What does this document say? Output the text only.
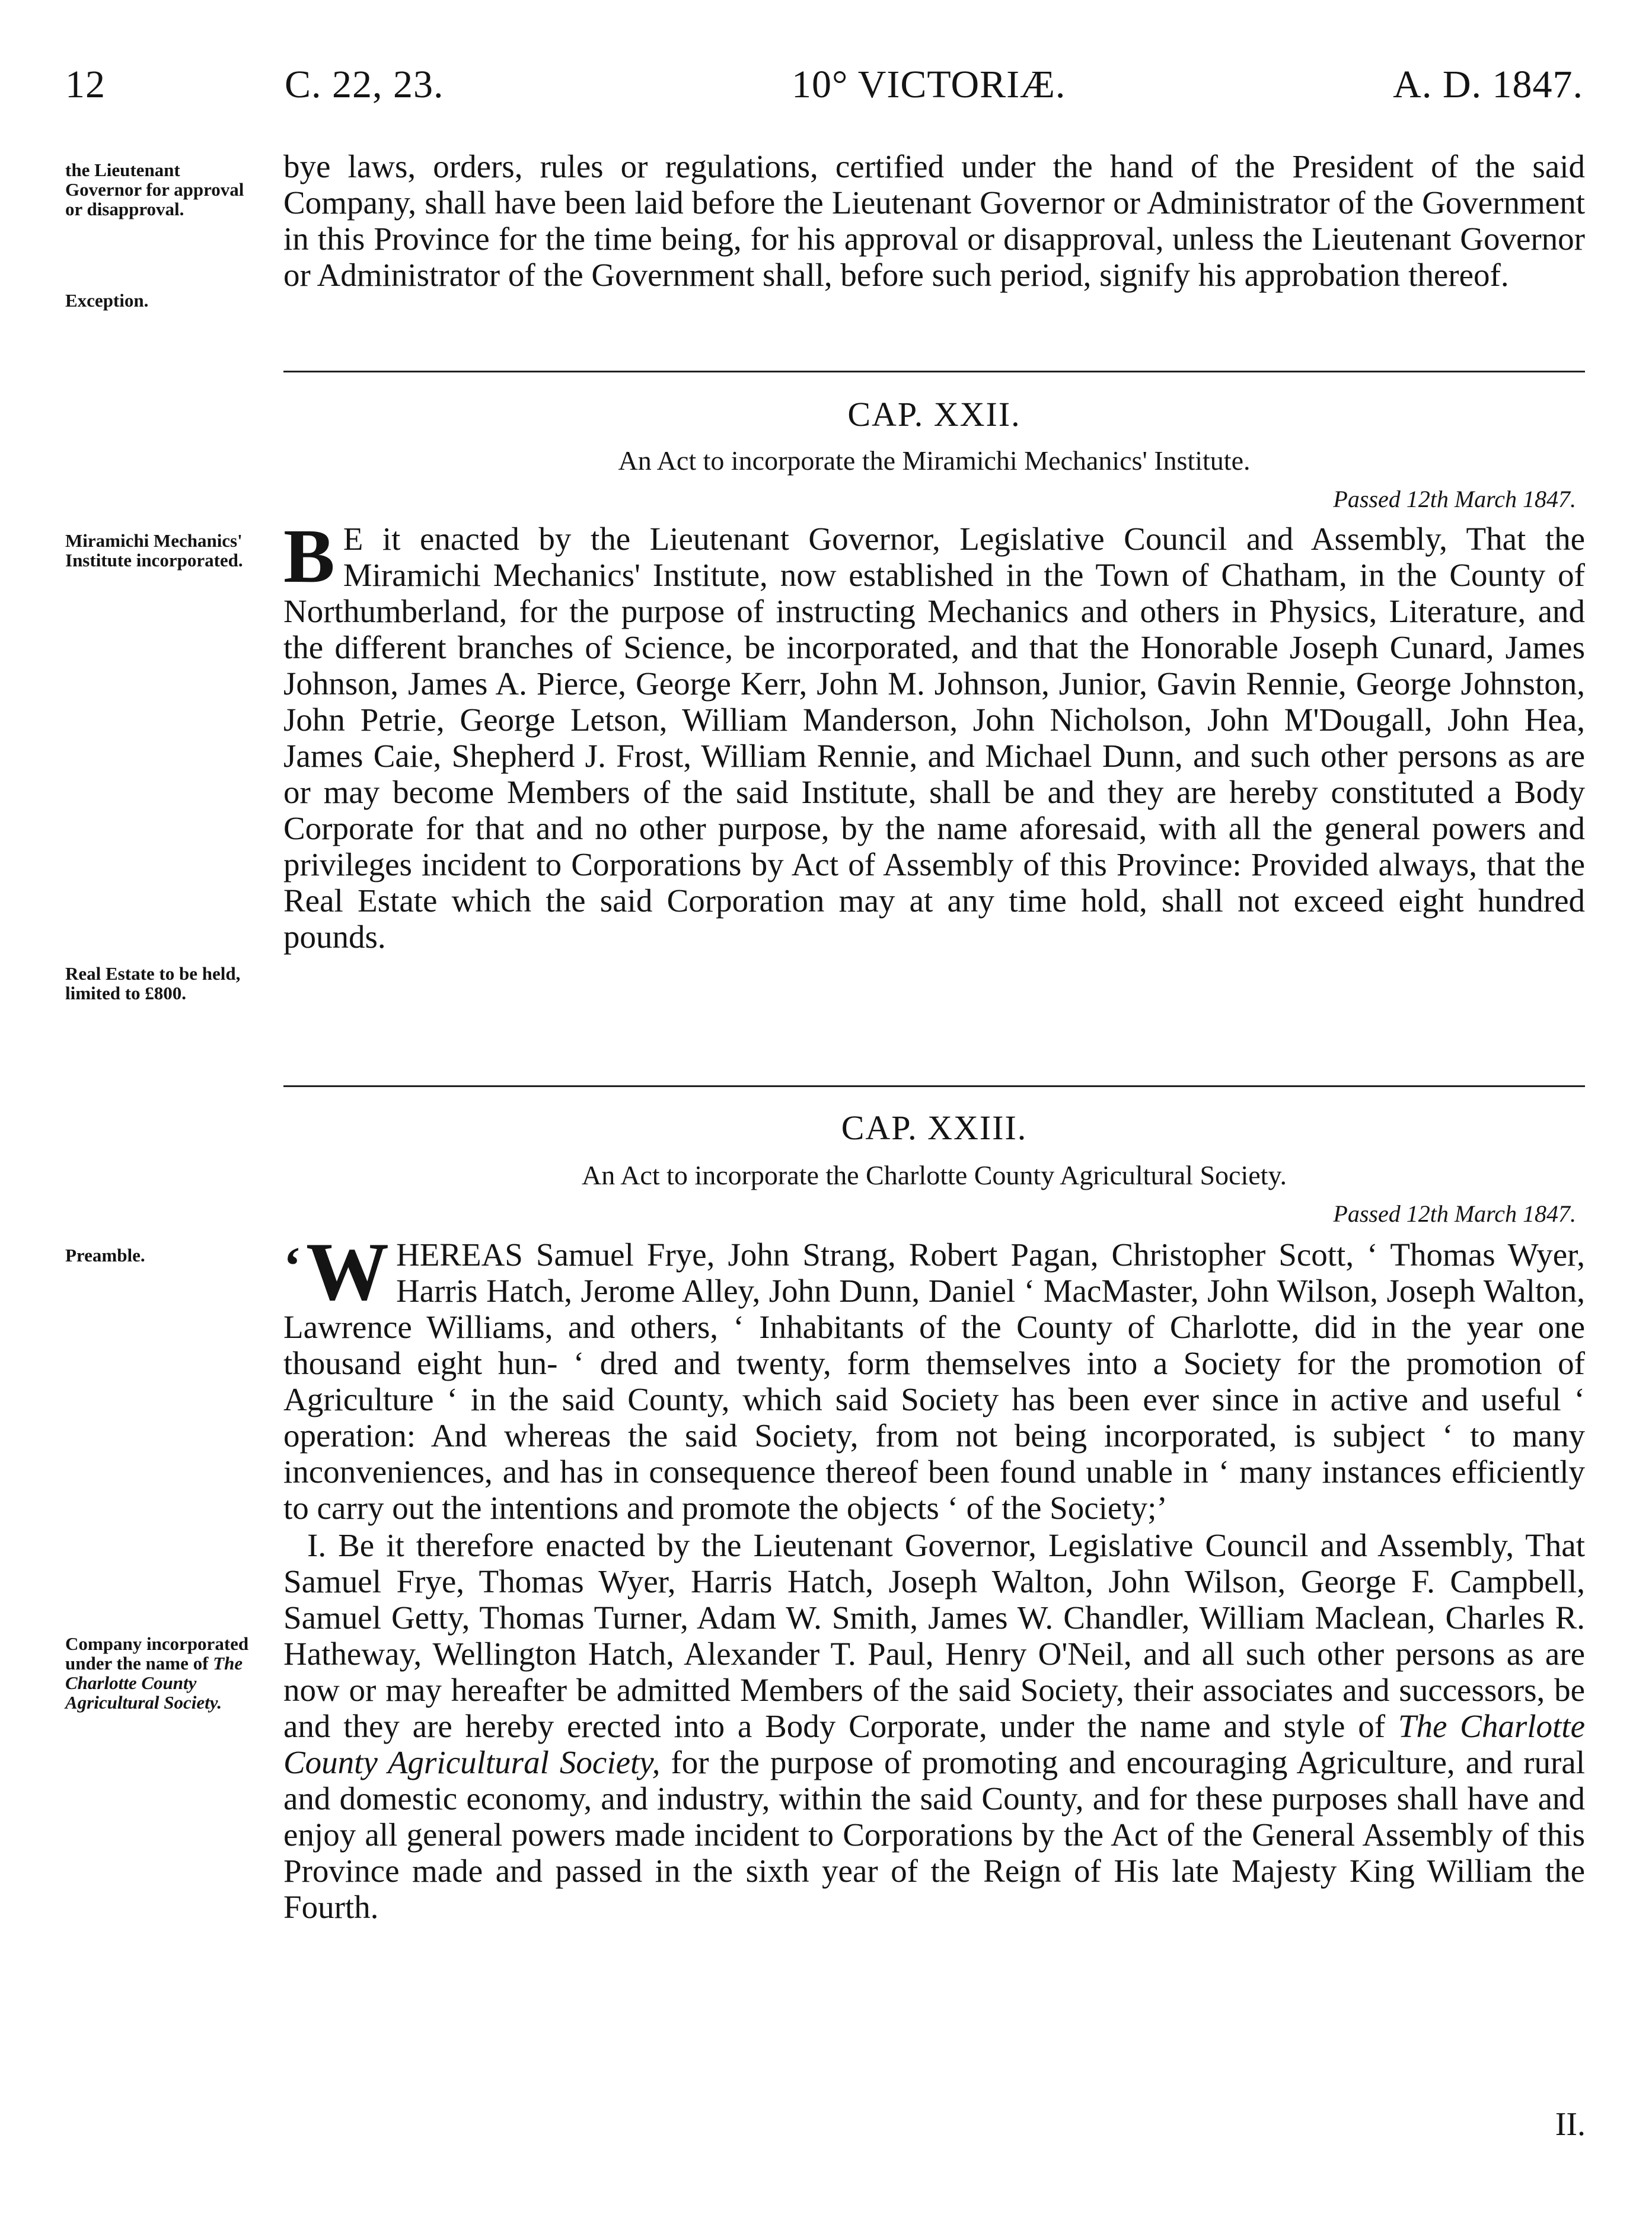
12	C. 22, 23.	10° VICTORIÆ.	A. D. 1847.
the Lieutenant Governor for approval or disapproval.
Exception.
Miramichi Mechanics' Institute incorporated.
Real Estate to be held, limited to £800.
Preamble.
Company incorporated under the name of The Charlotte County Agricultural Society.

bye laws, orders, rules or regulations, certified under the hand of the President of the said Company, shall have been laid before the Lieutenant Governor or Administrator of the Government in this Province for the time being, for his approval or disapproval, unless the Lieutenant Governor or Administrator of the Government shall, before such period, signify his approbation thereof.

CAP. XXII.
An Act to incorporate the Miramichi Mechanics' Institute.
Passed 12th March 1847.

B E it enacted by the Lieutenant Governor, Legislative Council and Assembly, That the Miramichi Mechanics' Institute, now established in the Town of Chatham, in the County of Northumberland, for the purpose of instructing Mechanics and others in Physics, Literature, and the different branches of Science, be incorporated, and that the Honorable Joseph Cunard, James Johnson, James A. Pierce, George Kerr, John M. Johnson, Junior, Gavin Rennie, George Johnston, John Petrie, George Letson, William Manderson, John Nicholson, John M'Dougall, John Hea, James Caie, Shepherd J. Frost, William Rennie, and Michael Dunn, and such other persons as are or may become Members of the said Institute, shall be and they are hereby constituted a Body Corporate for that and no other purpose, by the name aforesaid, with all the general powers and privileges incident to Corporations by Act of Assembly of this Province: Provided always, that the Real Estate which the said Corporation may at any time hold, shall not exceed eight hundred pounds.

CAP. XXIII.
An Act to incorporate the Charlotte County Agricultural Society.
Passed 12th March 1847.

‘ W HEREAS Samuel Frye, John Strang, Robert Pagan, Christopher Scott, ‘ Thomas Wyer, Harris Hatch, Jerome Alley, John Dunn, Daniel ‘ MacMaster, John Wilson, Joseph Walton, Lawrence Williams, and others, ‘ Inhabitants of the County of Charlotte, did in the year one thousand eight hun- ‘ dred and twenty, form themselves into a Society for the promotion of Agriculture ‘ in the said County, which said Society has been ever since in active and useful ‘ operation: And whereas the said Society, from not being incorporated, is subject ‘ to many inconveniences, and has in consequence thereof been found unable in ‘ many instances efficiently to carry out the intentions and promote the objects ‘ of the Society;’

I. Be it therefore enacted by the Lieutenant Governor, Legislative Council and Assembly, That Samuel Frye, Thomas Wyer, Harris Hatch, Joseph Walton, John Wilson, George F. Campbell, Samuel Getty, Thomas Turner, Adam W. Smith, James W. Chandler, William Maclean, Charles R. Hatheway, Wellington Hatch, Alexander T. Paul, Henry O'Neil, and all such other persons as are now or may hereafter be admitted Members of the said Society, their associates and successors, be and they are hereby erected into a Body Corporate, under the name and style of The Charlotte County Agricultural Society, for the purpose of promoting and encouraging Agriculture, and rural and domestic economy, and industry, within the said County, and for these purposes shall have and enjoy all general powers made incident to Corporations by the Act of the General Assembly of this Province made and passed in the sixth year of the Reign of His late Majesty King William the Fourth.

II.
